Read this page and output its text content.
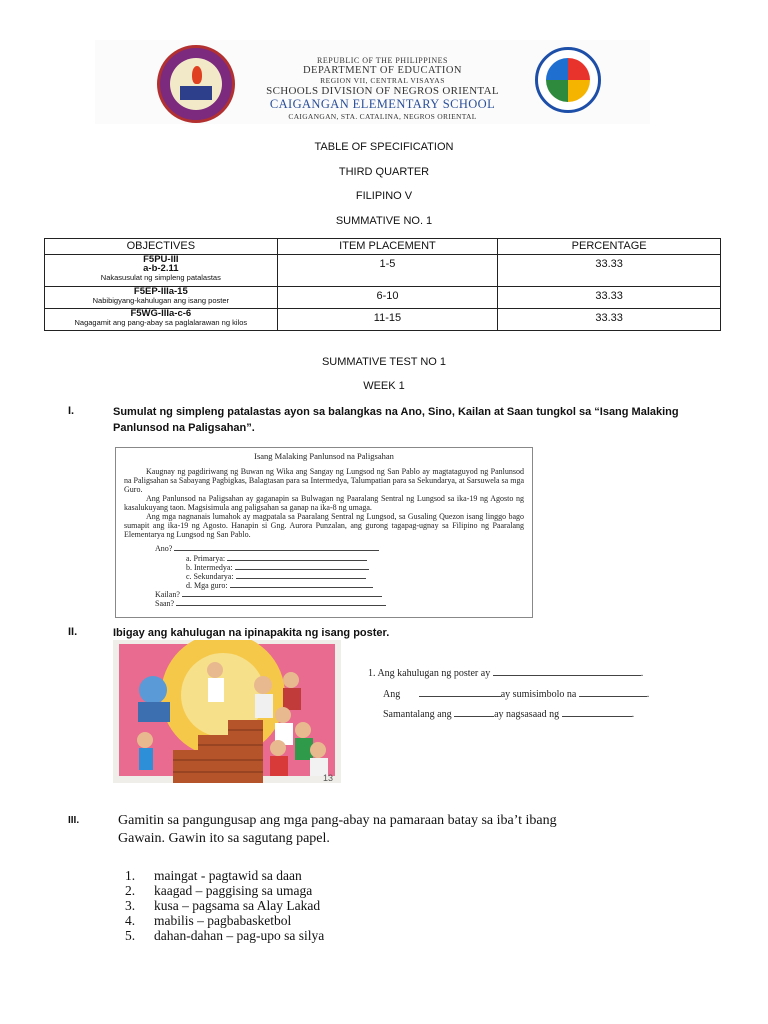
REPUBLIC OF THE PHILIPPINES
DEPARTMENT OF EDUCATION
REGION VII, CENTRAL VISAYAS
SCHOOLS DIVISION OF NEGROS ORIENTAL
CAIGANGAN ELEMENTARY SCHOOL
CAIGANGAN, STA. CATALINA, NEGROS ORIENTAL
TABLE OF SPECIFICATION
THIRD QUARTER
FILIPINO V
SUMMATIVE NO. 1
OBJECTIVES	ITEM PLACEMENT	PERCENTAGE

F5PU-III
a-b-2.11
Nakasusulat ng simpleng patalastas	1-5	33.33

F5EP-IIIa-15
Nabibigyang-kahulugan ang isang poster	6-10	33.33

F5WG-IIIa-c-6
Nagagamit ang pang-abay sa paglalarawan ng kilos	11-15	33.33
SUMMATIVE TEST NO 1
WEEK 1
I.	Sumulat ng simpleng patalastas ayon sa balangkas na Ano, Sino, Kailan at Saan tungkol sa “Isang Malaking Panlunsod na Paligsahan”.
Isang Malaking Panlunsod na Paligsahan

Kaugnay ng pagdiriwang ng Buwan ng Wika ang Sangay ng Lungsod ng San Pablo ay magtataguyod ng Panlunsod na Paligsahan sa Sabayang Pagbigkas, Balagtasan para sa Intermedya, Talumpatian para sa Sekundarya, at Sarsuwela sa mga Guro.

Ang Panlunsod na Paligsahan ay gaganapin sa Bulwagan ng Paaralang Sentral ng Lungsod sa ika-19 ng Agosto ng kasalukuyang taon. Magsisimula ang paligsahan sa ganap na ika-8 ng umaga.

Ang mga nagnanais lumahok ay magpatala sa Paaralang Sentral ng Lungsod, sa Gusaling Quezon isang linggo bago sumapit ang ika-19 ng Agosto. Hanapin si Gng. Aurora Punzalan, ang gurong tagapag-ugnay sa Filipino ng Paaralang Elementarya ng Lungsod ng San Pablo.

Ano?
a. Primarya:
b. Intermedya:
c. Sekundarya:
d. Mga guro:
Kailan?
Saan?
II.	Ibigay ang kahulugan na ipinapakita ng isang poster.
13
1. Ang kahulugan ng poster ay	.
Ang	ay sumisimbolo na	.
Samantalang ang	ay nagsasaad ng	.
III.	Gamitin sa pangungusap ang mga pang-abay na pamaraan batay sa iba’t ibang Gawain. Gawin ito sa sagutang papel.
1.	maingat - pagtawid sa daan
2.	kaagad – paggising sa umaga
3.	kusa – pagsama sa Alay Lakad
4.	mabilis – pagbabasketbol
5.	dahan-dahan – pag-upo sa silya
